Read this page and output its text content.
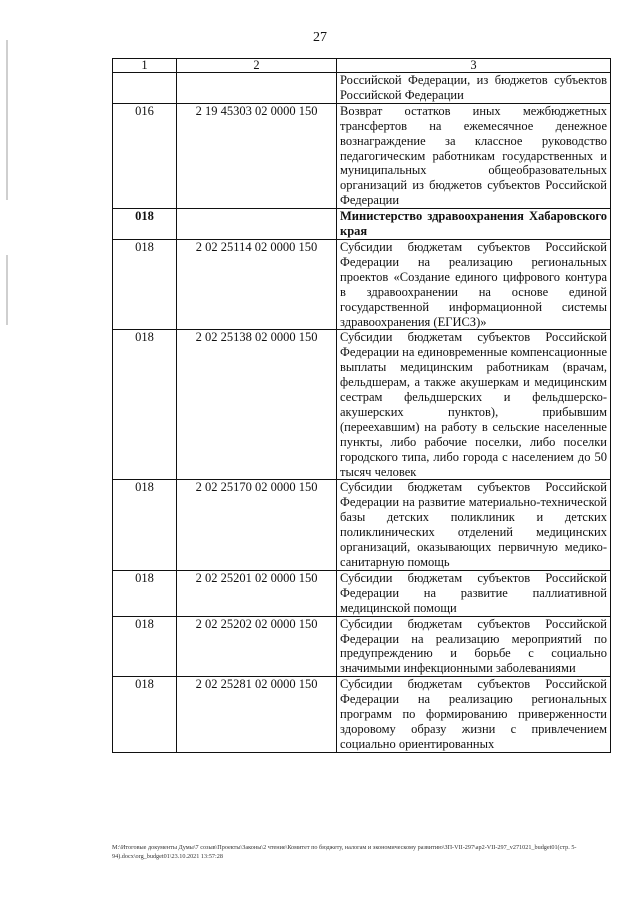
27
1	2	3
		Российской Федерации, из бюджетов субъектов Российской Федерации
016	2 19 45303 02 0000 150	Возврат остатков иных межбюджетных трансфертов на ежемесячное денежное вознаграждение за классное руководство педагогическим работникам государственных и муниципальных общеобразовательных организаций из бюджетов субъектов Российской Федерации
018		Министерство здравоохранения Хабаровского края
018	2 02 25114 02 0000 150	Субсидии бюджетам субъектов Российской Федерации на реализацию региональных проектов «Создание единого цифрового контура в здравоохранении на основе единой государственной информационной системы здравоохранения (ЕГИСЗ)»
018	2 02 25138 02 0000 150	Субсидии бюджетам субъектов Российской Федерации на единовременные компенсационные выплаты медицинским работникам (врачам, фельдшерам, а также акушеркам и медицинским сестрам фельдшерских и фельдшерско-акушерских пунктов), прибывшим (переехавшим) на работу в сельские населенные пункты, либо рабочие поселки, либо поселки городского типа, либо города с населением до 50 тысяч человек
018	2 02 25170 02 0000 150	Субсидии бюджетам субъектов Российской Федерации на развитие материально-технической базы детских поликлиник и детских поликлинических отделений медицинских организаций, оказывающих первичную медико-санитарную помощь
018	2 02 25201 02 0000 150	Субсидии бюджетам субъектов Российской Федерации на развитие паллиативной медицинской помощи
018	2 02 25202 02 0000 150	Субсидии бюджетам субъектов Российской Федерации на реализацию мероприятий по предупреждению и борьбе с социально значимыми инфекционными заболеваниями
018	2 02 25281 02 0000 150	Субсидии бюджетам субъектов Российской Федерации на реализацию региональных программ по формированию приверженности здоровому образу жизни с привлечением социально ориентированных
M:\Итоговые документы Думы\7 созыв\Проекты\Законы\2 чтение\Комитет по бюджету, налогам и экономическому развитию\ЗП-VII-297\ap2-VII-297_v271021_budget01(стр. 5-94).docx\org_budget01\23.10.2021 13:57:28
